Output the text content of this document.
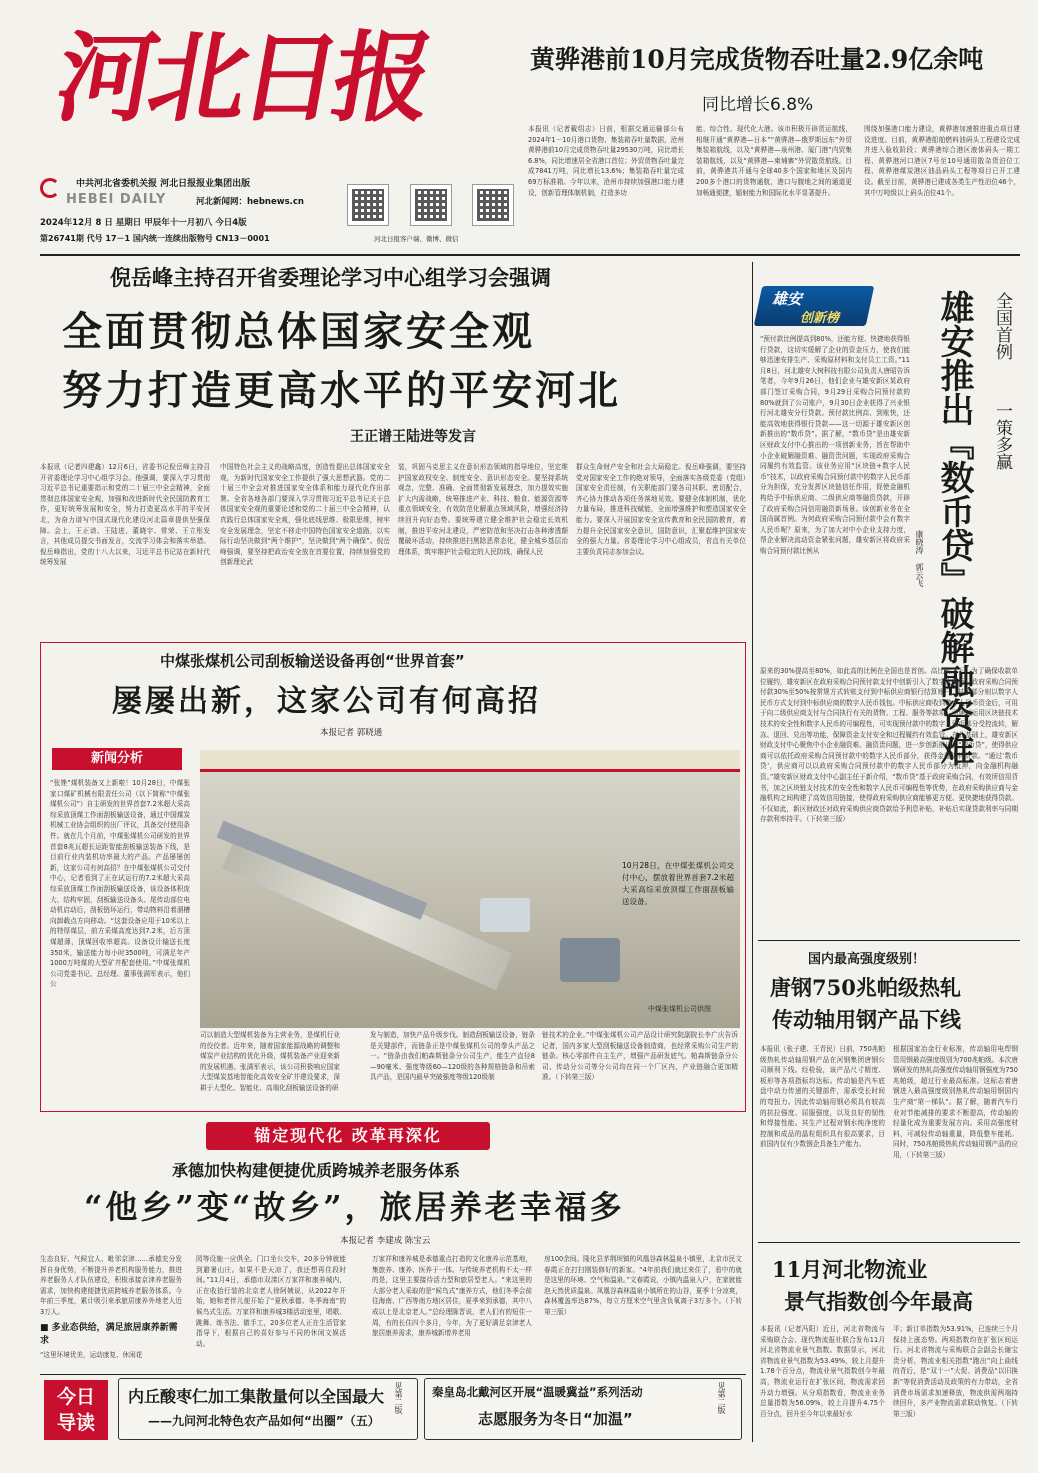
河北日报
中共河北省委机关报 河北日报报业集团出版
HEBEI DAILY	河北新闻网：hebnews.cn
2024年12月 8 日 星期日 甲辰年十一月初八 今日4版
第26741期 代号 17－1 国内统一连续出版物号 CN13－0001	河北日报客户端、微博、微信
黄骅港前10月完成货物吞吐量2.9亿余吨
同比增长6.8%
本报讯（记者戴绍志）日前，根据交通运输部公布2024年1－10月港口货物、集装箱吞吐量数据，沧州黄骅港前10月完成货物吞吐量29530万吨，同比增长6.8%，同比增速居全省港口首位；外贸货物吞吐量完成7841万吨，同比增长13.6%；集装箱吞吐量完成69万标准箱。今年以来，沧州市持续加强港口能力建设，创新管理体制机制，打造多功
能、综合性、现代化大港。该市积极开辟货运航线，相继开通“黄骅港—日本”“黄骅港—俄罗斯远东”外贸集装箱航线，以及“黄骅港—泉州港、厦门港”内贸集装箱航线，以及“黄骅港—柬埔寨”外贸散货航线。目前，黄骅港共开通与全球40多个国家和地区及国内200多个港口的货物通航，港口与腹地之间的通道更加畅通便捷，辐射能力和国际化水平显著提升。
围绕加强港口能力建设，黄骅港加速推进重点项目建设进度。目前，黄骅港船舶燃料油码头工程建设完成并进入验收阶段；黄骅港综合港区液体码头一期工程、黄骅港河口港区7号至10号通用散杂货泊位工程、黄骅港煤炭港区油品码头工程等项目已开工建设。截至目前，黄骅港已建成各类生产性泊位46个，其中万吨级以上码头泊位41个。
倪岳峰主持召开省委理论学习中心组学习会强调
全面贯彻总体国家安全观
努力打造更高水平的平安河北
王正谱王陆进等发言
本报讯（记者四建鑫）12月6日，省委书记倪岳峰主持召开省委理论学习中心组学习会。他强调，要深入学习贯彻习近平总书记重要指示和党的二十届三中全会精神，全面贯彻总体国家安全观，加强和改进新时代全民国防教育工作，更好统筹发展和安全，努力打造更高水平的平安河北，为奋力谱写中国式现代化建设河北篇章提供坚强保障。会上，王正谱、王陆进、董晓宇、常荣、王立彤发言，其他成员提交书面发言，交流学习体会和落实举措。倪岳峰指出，党的十八大以来，习近平总书记站在新时代统筹发展
中国特色社会主义的战略高度，创造性提出总体国家安全观，为新时代国家安全工作提供了强大思想武器。党的二十届三中全会对推进国家安全体系和能力现代化作出部署。全省各地各部门要深入学习贯彻习近平总书记关于总体国家安全观的重要论述和党的二十届三中全会精神，认真践行总体国家安全观，强化底线思维、极限思维，树牢安全发展理念，坚定不移走中国特色国家安全道路，以实际行动坚决做到“两个维护”，坚决做到“两个确保”。倪岳峰强调，要坚持把政治安全放在首要位置，持续加强党的创新理论武
装，巩固马克思主义在意识形态领域的指导地位，坚定维护国家政权安全、制度安全、意识形态安全。要坚持系统观念，完整、准确、全面贯彻新发展理念，加力提效实施扩大内需战略，统筹推进产业、科技、粮食、能源资源等重点领域安全，有效防范化解重点领域风险，增强经济持续回升向好态势。要统筹建立健全维护社会稳定长效机制，推进平安河北建设，严密防范和坚决打击各种渗透颠覆破坏活动，持续推进扫黑除恶常态化，健全城乡基层治理体系，筑牢维护社会稳定的人民防线，确保人民
群众生命财产安全和社会大局稳定。倪岳峰强调，要坚持党对国家安全工作的绝对领导，全面落实各级党委（党组）国家安全责任制，有关职能部门要各司其职、密切配合，齐心协力推动各项任务落地见效。要健全体制机制，优化力量布局，推进科技赋能，全面增强维护和塑造国家安全能力。要深入开展国家安全宣传教育和全民国防教育，着力提升全民国家安全意识，国防意识，汇聚起维护国家安全的强大力量。省委理论学习中心组成员，省直有关单位主要负责同志参加会议。
雄安
创新榜	全国首例
一策多赢
雄安推出『数币贷』破解融资难
康晓涛 郭云飞
“预付款比例提高到80%，还能方便、快捷地获得银行贷款，这切实缓解了企业的资金压力，使我们能够迅速安排生产、采购原材料和支付员工工资。”11月8日，河北雄安大树科技有限公司负责人唐昭告诉笔者，今年9月26日，他们企业与雄安新区某政府部门签订采购合同，9月29日采购合同预付款的80%就到了公司账户，9月30日企业获得了兴业银行河北雄安分行贷款。预付款比例高、到账快，还能高效地获得银行贷款——这一切源于雄安新区创新推出的“数币贷”。据了解，“数币贷”是由雄安新区财政支付中心推出的一项创新业务，旨在帮助中小企业破解融资难、融资贵问题，实现政府采购合同履约有效监管。该业务应用“区块链+数字人民币”技术，以政府采购合同预付款中的数字人民币部分为担保，充分发挥区块链信任作用，促使金融机构给予中标供应商、二级供应商等融资贷款，开辟了政府采购合同信用融资新场景。该创新业务在全国尚属首例。为何政府采购合同预付款中会有数字人民币呢？原来，为了加大对中小企业支持力度，帮企业解决流动资金紧张问题，雄安新区将政府采购合同预付款比例从
原来的30%提高至80%，如此高的比例在全国也是首创。高比例之下，为了确保收款单位履约，雄安新区在政府采购合同预付款支付中创新引入了数字人民币：政府采购合同预付款30%至50%按常规方式转账支付到中标供应商银行结算账户，其余部分则以数字人民币方式支付到中标供应商的数字人民币钱包。中标供应商收到数字人民币资金后，可用于向二级供应商支付与合同执行有关的货物、工程、服务等款项。而通过运用区块链技术技术的安全性和数字人民币的可编程性，可实现预付款中的数字人民币部分受控流转，解冻、退回、兑出等功能，保障资金支付安全和过程履约有效监管。在此基础上，雄安新区财政支付中心聚焦中小企业融资难、融资贵问题，进一步创新推出了“数币贷”，使得供应商可以依托政府采购合同预付款中的数字人民币部分，获得金融机构贷款。“通过‘数币贷’，供应商可以以政府采购合同预付款中的数字人民币部分为抵押，向金融机构融资。”雄安新区财政支付中心副主任于新介绍，“数币贷”基于政府采购合同，有效所信用背书，加之区块链支付技术的安全性和数字人民币可编程性等优势，在政府采购供应商与金融机构之间构建了高效信用链接，使得政府采购供应商能够更方便、更快捷地获得贷款。不仅如此，新区财政还对政府采购供应商贷款给予利息补贴，补贴后实现贷款利率与同期存款利率持平。（下转第三版）
中煤张煤机公司刮板输送设备再创“世界首套”
屡屡出新，这家公司有何高招
本报记者 郭晓通
新闻分析
“张矬”煤机装备又上新啦！10月28日，中煤张家口煤矿机械有限责任公司（以下简称“中煤张煤机公司”）自主研发的世界首套7.2米超大采高综采放顶煤工作面刮板输送设备，通过中国煤炭机械工业协会组织的出厂评议，具备交付使用条件。就在几个月前，中煤张煤机公司研发的世界首套8兆瓦超长运距智能刮板输送装备下线，是目前行业内装机功率最大的产品。产品屡屡创新，这家公司有何高招？在中煤张煤机公司交付中心，记者看到了正在试运行的7.2米超大采高综采放顶煤工作面刮板输送设备，该设备体积庞大、结构牢固，刮板输送设备头、尾传动部位电动机启动后，刮板链环运行，带动物料沿着溜槽向卸载点方向移动。“这套设备应用于10米以上的特厚煤层，前方采煤高度达到7.2米，后方顶煤超薄，顶煤回收率超高。设备设计输送长度350米，输送能力每小时3500吨，可满足年产1000万吨煤的大型矿井配套使用。”中煤张煤机公司党委书记、总经理、董事张满军表示，他们公
10月28日，在中煤张煤机公司交付中心，摆放着世界首套7.2米超大采高综采放顶煤工作面刮板输送设备。
中煤张煤机公司供图
司以制造大型煤机装备为主营业务，是煤机行业的佼佼者。近年来，随着国家能源战略的调整和煤炭产业结构的优化升级，煤机装备产业迎来新的发展机遇。张满军表示，该公司积极响应国家大型煤炭基地智能化高效安全矿井建设要求，深耕于大型化、智能化、高端化刮板输送设备的研
发与制造，加快产品升级步伐。制造刮板输送设备，链条是关键部件，而链条正是中煤张煤机公司的拳头产品之一。“链条由我们帕森斯链条分公司生产，能生产直径8—90毫米、强度等级60—120级的各种规格链条和吊索具产品，是国内最早突破强度等级120级制
链技术的企业。”中煤张煤机公司产品设计研究院副院长李广庆告诉记者，国内多家大型刮板输送设备制造商，也经常采购公司生产的链条。核心零部件自主生产，增强产品研发底气。帕森斯链条分公司、传动分公司等分公司均在同一个厂区内，产业链融合更加精准。（下转第三版）
国内最高强度级别！
唐钢750兆帕级热轧
传动轴用钢产品下线
本报讯（张子建、王青民）日前，750兆帕级热轧传动轴用钢产品在河钢集团唐钢公司顺利下线。经检验，该产品尺寸精度、板形等各项指标均达标。传动轴是汽车底盘中动力传递的关键部件，需承受长时间的弯扭力。因此传动轴用钢必须具有较高的抗拉强度、屈服强度，以及良好的韧性和焊接性能。其生产过程对钢水纯净度的控制和成品的晶粒组织具有很高要求，目前国内仅有少数钢企具备生产能力。
根据国家冶金行业标准，传动轴用电焊钢管用钢最高强度级别为700兆帕级。本次唐钢研发的热轧高强度传动轴用钢强度为750兆帕级，超过行业最高标准。这标志着唐钢进入最高强度级别热轧传动轴用钢国内生产商“第一梯队”。据了解，随着汽车行业对节能减排的要求不断提高，传动轴的轻量化成为重要发展方向。采用高强度材料，可减轻传动轴重量，降低整车能耗。同时，750兆帕级热轧传动轴用钢产品的应用，（下转第三版）
11月河北物流业
景气指数创今年最高
本报讯（记者冯阳）近日，河北省物流与采购联合会、现代物流报社联合发布11月河北省物流业景气指数。数据显示，河北省物流业景气指数为53.49%，较上月提升1.78个百分点，物流业景气指数创今年最高，物流业运行在扩张区间，物流需求回升动力增强。从分项指数看，物流业业务总量指数为56.09%，较上月提升4.75个百分点，回升至今年以来最好水
平；新订单指数为53.91%，已连续三个月保持上涨态势。两项指数均在扩张区间运行。河北省物流与采购联合会副会长谢宝贵分析，物流业相关指数“跑出”向上曲线的背后，是“双十一”大促、消费品“以旧换新”等促消费活动及政策的有力带动，全省消费市场需求加速释放，物流供需两端持续回升，多产业物流需求联动恢复。（下转第三版）
锚定现代化 改革再深化
承德加快构建便捷优质跨城养老服务体系
“他乡”变“故乡”，旅居养老幸福多
本报记者 李建成 陈宝云
生态良好、气候宜人、毗邻京津……承德充分发挥自身优势，不断提升养老机构服务能力，推进养老服务人才队伍建设，积极承接京津养老服务需求，加快构建便捷优质跨城养老服务体系。今年前三季度，累计吸引来承旅居康养外地老人近3万人。
■ 多业态供给，满足旅居康养新需求
“这里环境优美，运动康复、休闲花
园等设施一应俱全。门口坐公交车，20多分钟就能到避暑山庄。如果不是天凉了，我还想再住段时间。”11月4日，承德市双滦区万家祥和康养城内，正在收拾行装的北京老人徐阿姨说，从2022年开始，她和老伴儿便开始了“夏秋承德、冬季海南”的候鸟式生活。万家祥和康养城3楼活动室里，唱歌、跳舞、练书法、做手工，20多位老人正在生活管家指导下，根据自己的喜好参与不同的休闲文娱活动。
万家祥和康养城是承德重点打造的文化康养示范基地，集旅养、康养、医养于一体。与传统养老机构不太一样的是，这里主要接待活力型和旅居型老人。“来这里的大部分老人采取的是“候鸟式”康养方式，他们冬季会前往海南、广西等南方地区居住，夏季来到承德，其中八成以上是北京老人。”总经理陈晋说，老人们有的短住一周，有的长住四个多月，今年，为了更好满足京津老人旅居康养需求，康养城新增养老用
房100余间。隆化县茅荆坝镇的风凰谷森林温泉小镇里，北京市民文春霞正在打扫刚装修好的新家。“4年前我们就过来住了，看中的就是这里的环境、空气和温泉。”文春霞说，小镇内温泉入户，在家就能泡天然优质温泉。凤凰谷森林温泉小镇所在的山谷，夏季十分凉爽，森林覆盖率达87%，每立方厘米空气里含负氧离子3万多个。（下转第三版）
今日
导读
内丘酸枣仁加工集散量何以全国最大
——九问河北特色农产品如何“出圈”（五）
见第二版	秦皇岛北戴河区开展“温暖冀益”系列活动
志愿服务为冬日“加温”
见第二版
